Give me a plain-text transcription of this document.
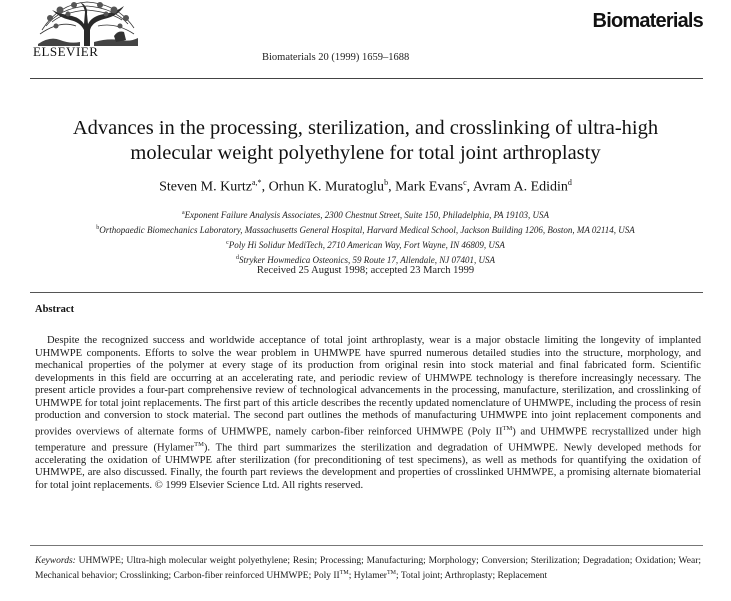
ELSEVIER	Biomaterials 20 (1999) 1659–1688
Biomaterials
Advances in the processing, sterilization, and crosslinking of ultra-high
molecular weight polyethylene for total joint arthroplasty
Steven M. Kurtz$^{a,*}$, Orhun K. Muratoglu$^b$, Mark Evans$^c$, Avram A. Edidin$^d$
$^a$Exponent Failure Analysis Associates, 2300 Chestnut Street, Suite 150, Philadelphia, PA 19103, USA
$^b$Orthopaedic Biomechanics Laboratory, Massachusetts General Hospital, Harvard Medical School, Jackson Building 1206, Boston, MA 02114, USA
$^c$Poly Hi Solidur MediTech, 2710 American Way, Fort Wayne, IN 46809, USA
$^d$Stryker Howmedica Osteonics, 59 Route 17, Allendale, NJ 07401, USA
Received 25 August 1998; accepted 23 March 1999
Abstract
Despite the recognized success and worldwide acceptance of total joint arthroplasty, wear is a major obstacle limiting the longevity of implanted UHMWPE components. Efforts to solve the wear problem in UHMWPE have spurred numerous detailed studies into the structure, morphology, and mechanical properties of the polymer at every stage of its production from original resin into stock material and final fabricated form. Scientific developments in this field are occurring at an accelerating rate, and periodic review of UHMWPE technology is therefore increasingly necessary. The present article provides a four-part comprehensive review of technological advancements in the processing, manufacture, sterilization, and crosslinking of UHMWPE for total joint replacements. The first part of this article describes the recently updated nomenclature of UHMWPE, including the process of resin production and conversion to stock material. The second part outlines the methods of manufacturing UHMWPE into joint replacement components and provides overviews of alternate forms of UHMWPE, namely carbon-fiber reinforced UHMWPE (Poly II™) and UHMWPE recrystallized under high temperature and pressure (Hylamer™). The third part summarizes the sterilization and degradation of UHMWPE. Newly developed methods for accelerating the oxidation of UHMWPE after sterilization (for preconditioning of test specimens), as well as methods for quantifying the oxidation of UHMWPE, are also discussed. Finally, the fourth part reviews the development and properties of crosslinked UHMWPE, a promising alternate biomaterial for total joint replacements. © 1999 Elsevier Science Ltd. All rights reserved.
Keywords: UHMWPE; Ultra-high molecular weight polyethylene; Resin; Processing; Manufacturing; Morphology; Conversion; Sterilization; Degradation; Oxidation; Wear; Mechanical behavior; Crosslinking; Carbon-fiber reinforced UHMWPE; Poly II™; Hylamer™; Total joint; Arthroplasty; Replacement
